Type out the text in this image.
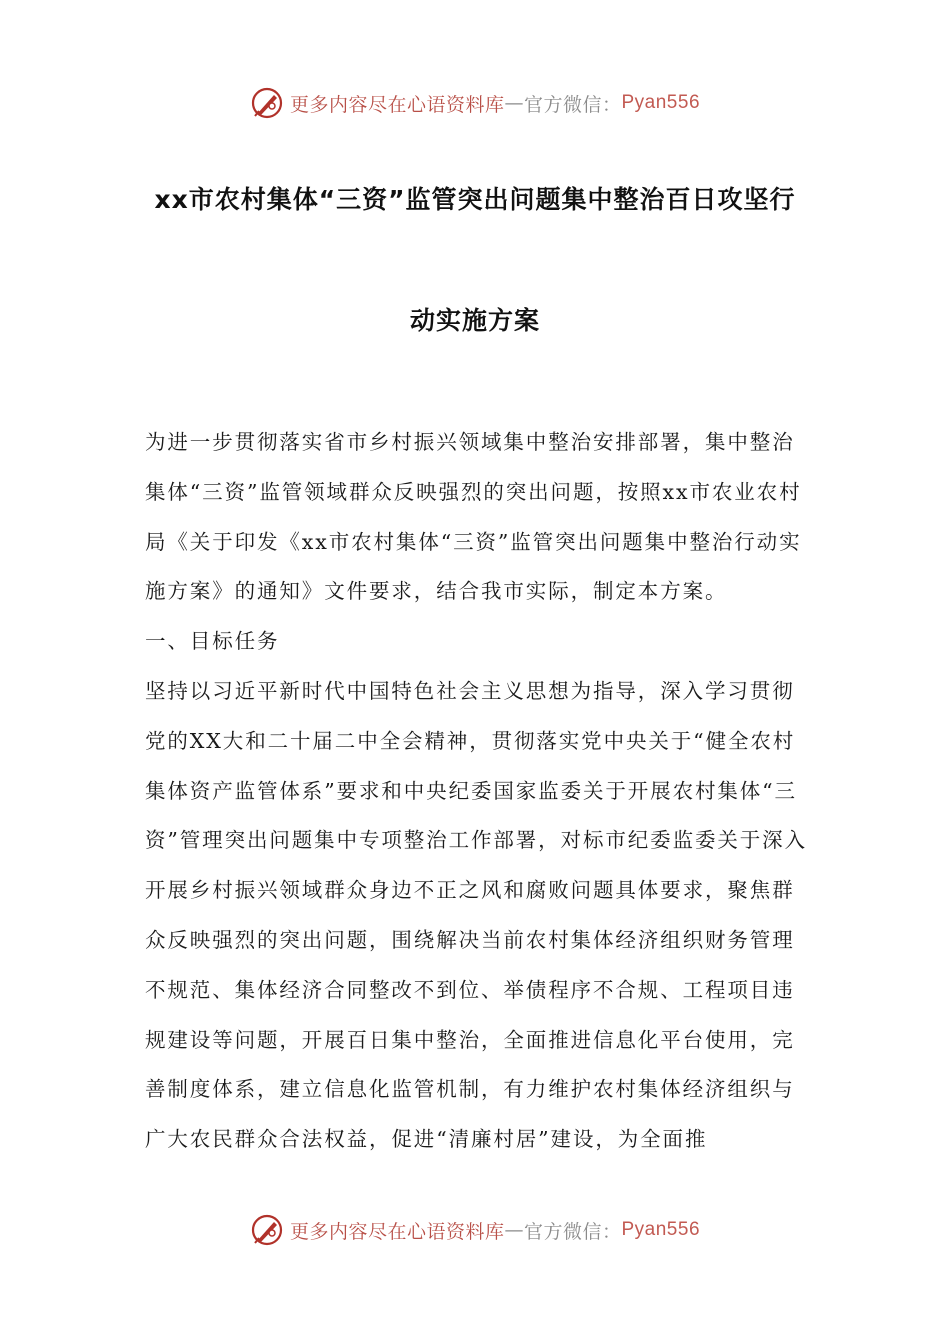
更多内容尽在心语资料库 — 官方微信： Pyan556
xx市农村集体“三资”监管突出问题集中整治百日攻坚行
动实施方案

为进一步贯彻落实省市乡村振兴领域集中整治安排部署，集中整治集体“三资”监管领域群众反映强烈的突出问题，按照xx市农业农村局《关于印发《xx市农村集体“三资”监管突出问题集中整治行动实施方案》的通知》文件要求，结合我市实际，制定本方案。

一、目标任务

坚持以习近平新时代中国特色社会主义思想为指导，深入学习贯彻党的XX大和二十届二中全会精神，贯彻落实党中央关于“健全农村集体资产监管体系”要求和中央纪委国家监委关于开展农村集体“三资”管理突出问题集中专项整治工作部署，对标市纪委监委关于深入开展乡村振兴领域群众身边不正之风和腐败问题具体要求，聚焦群众反映强烈的突出问题，围绕解决当前农村集体经济组织财务管理不规范、集体经济合同整改不到位、举债程序不合规、工程项目违规建设等问题，开展百日集中整治，全面推进信息化平台使用，完善制度体系，建立信息化监管机制，有力维护农村集体经济组织与广大农民群众合法权益，促进“清廉村居”建设，为全面推

更多内容尽在心语资料库 — 官方微信： Pyan556
